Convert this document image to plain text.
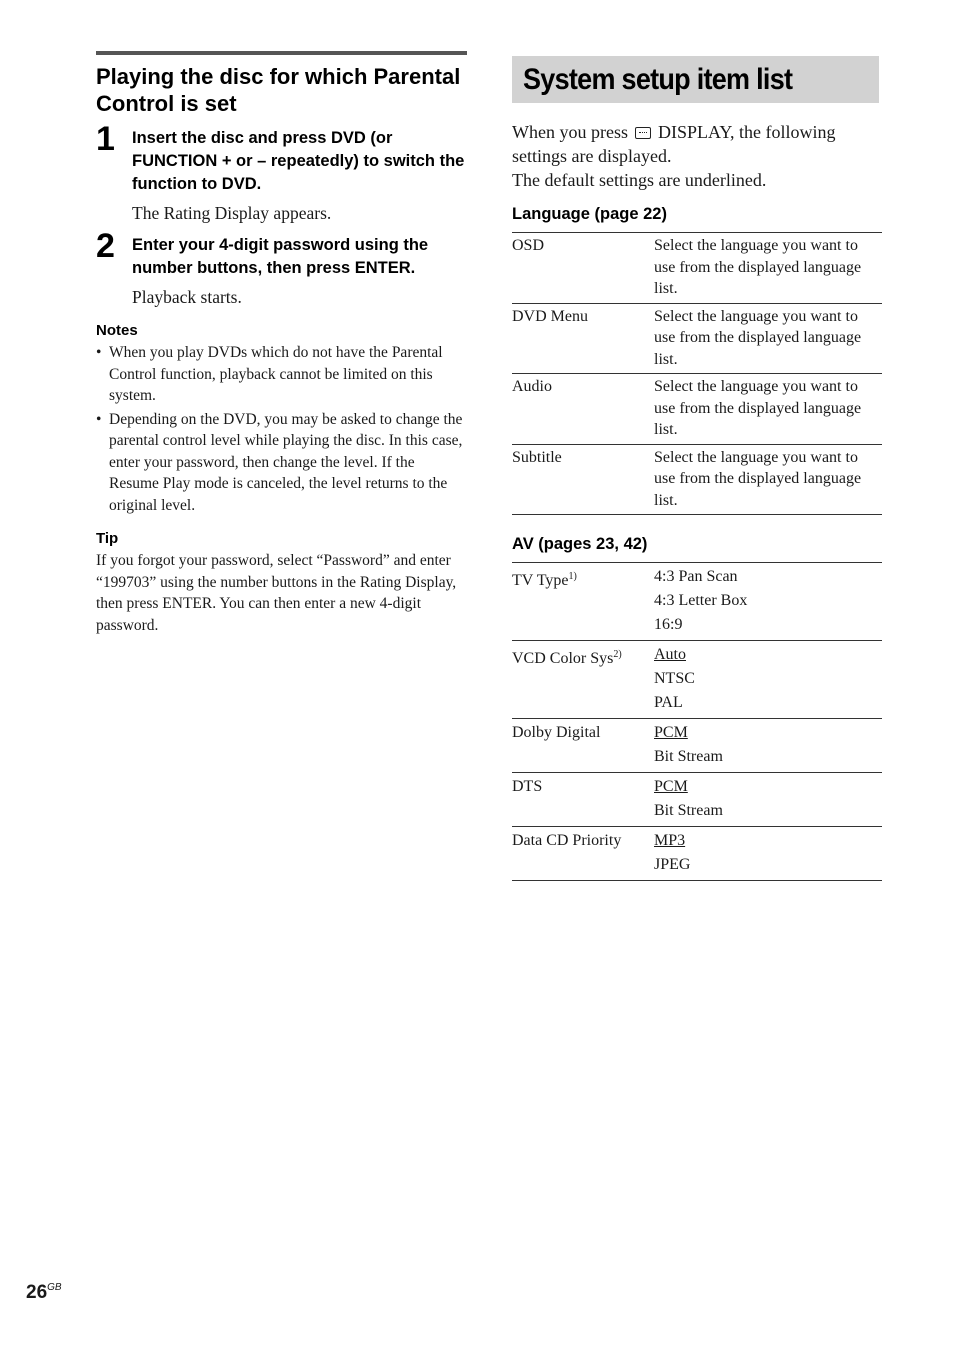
Playing the disc for which Parental Control is set
1 Insert the disc and press DVD (or FUNCTION + or – repeatedly) to switch the function to DVD.
The Rating Display appears.
2 Enter your 4-digit password using the number buttons, then press ENTER.
Playback starts.
Notes
• When you play DVDs which do not have the Parental Control function, playback cannot be limited on this system.
• Depending on the DVD, you may be asked to change the parental control level while playing the disc. In this case, enter your password, then change the level. If the Resume Play mode is canceled, the level returns to the original level.
Tip

If you forgot your password, select “Password” and enter “199703” using the number buttons in the Rating Display, then press ENTER. You can then enter a new 4-digit password.

System setup item list
When you press DISPLAY, the following settings are displayed.
The default settings are underlined.
Language (page 22)
OSD	Select the language you want to use from the displayed language list.
DVD Menu	Select the language you want to use from the displayed language list.
Audio	Select the language you want to use from the displayed language list.
Subtitle	Select the language you want to use from the displayed language list.
AV (pages 23, 42)
TV Type$^{1)}$	4:3 Pan Scan
4:3 Letter Box
16:9

VCD Color Sys$^{2)}$	Auto
NTSC
PAL

Dolby Digital	PCM
Bit Stream

DTS	PCM
Bit Stream

Data CD Priority	MP3
JPEG
$26^{GB}$
